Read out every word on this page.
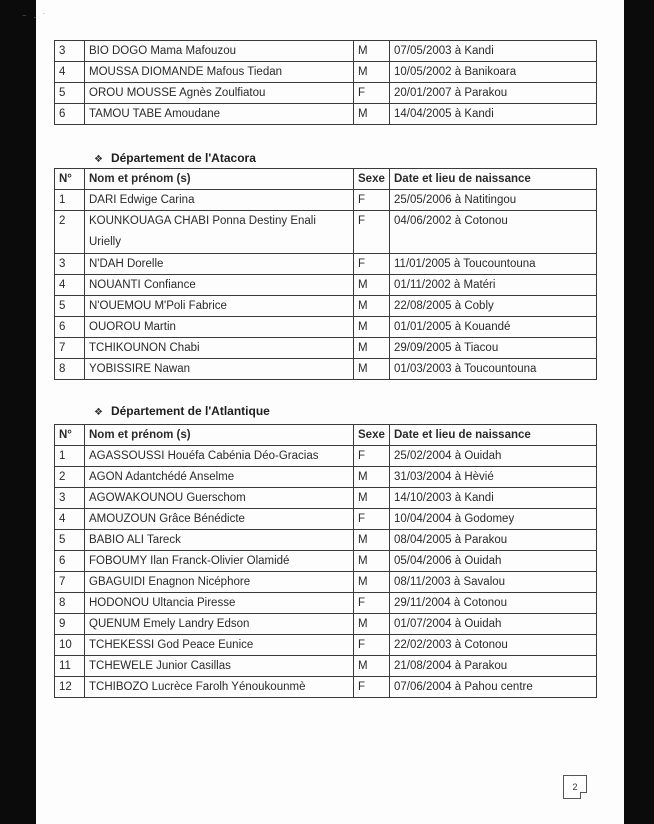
⁻ · ˙
3	BIO DOGO Mama Mafouzou	M	07/05/2003 à Kandi
4	MOUSSA DIOMANDE Mafous Tiedan	M	10/05/2002 à Banikoara
5	OROU MOUSSE Agnès Zoulfiatou	F	20/01/2007 à Parakou
6	TAMOU TABE Amoudane	M	14/04/2005 à Kandi
❖ Département de l'Atacora
N°	Nom et prénom (s)	Sexe	Date et lieu de naissance
1	DARI Edwige Carina	F	25/05/2006 à Natitingou
2	KOUNKOUAGA CHABI Ponna Destiny Enali Urielly	F	04/06/2002 à Cotonou
3	N'DAH Dorelle	F	11/01/2005 à Toucountouna
4	NOUANTI Confiance	M	01/11/2002 à Matéri
5	N'OUEMOU M'Poli Fabrice	M	22/08/2005 à Cobly
6	OUOROU Martin	M	01/01/2005 à Kouandé
7	TCHIKOUNON Chabi	M	29/09/2005 à Tiacou
8	YOBISSIRE Nawan	M	01/03/2003 à Toucountouna
❖ Département de l'Atlantique
N°	Nom et prénom (s)	Sexe	Date et lieu de naissance
1	AGASSOUSSI Houéfa Cabénia Déo-Gracias	F	25/02/2004 à Ouidah
2	AGON Adantchédé Anselme	M	31/03/2004 à Hèvié
3	AGOWAKOUNOU Guerschom	M	14/10/2003 à Kandi
4	AMOUZOUN Grâce Bénédicte	F	10/04/2004 à Godomey
5	BABIO ALI Tareck	M	08/04/2005 à Parakou
6	FOBOUMY Ilan Franck-Olivier Olamidé	M	05/04/2006 à Ouidah
7	GBAGUIDI Enagnon Nicéphore	M	08/11/2003 à Savalou
8	HODONOU Ultancia Piresse	F	29/11/2004 à Cotonou
9	QUENUM Emely Landry Edson	M	01/07/2004 à Ouidah
10	TCHEKESSI God Peace Eunice	F	22/02/2003 à Cotonou
11	TCHEWELE Junior Casillas	M	21/08/2004 à Parakou
12	TCHIBOZO Lucrèce Farolh Yénoukounmè	F	07/06/2004 à Pahou centre
2
